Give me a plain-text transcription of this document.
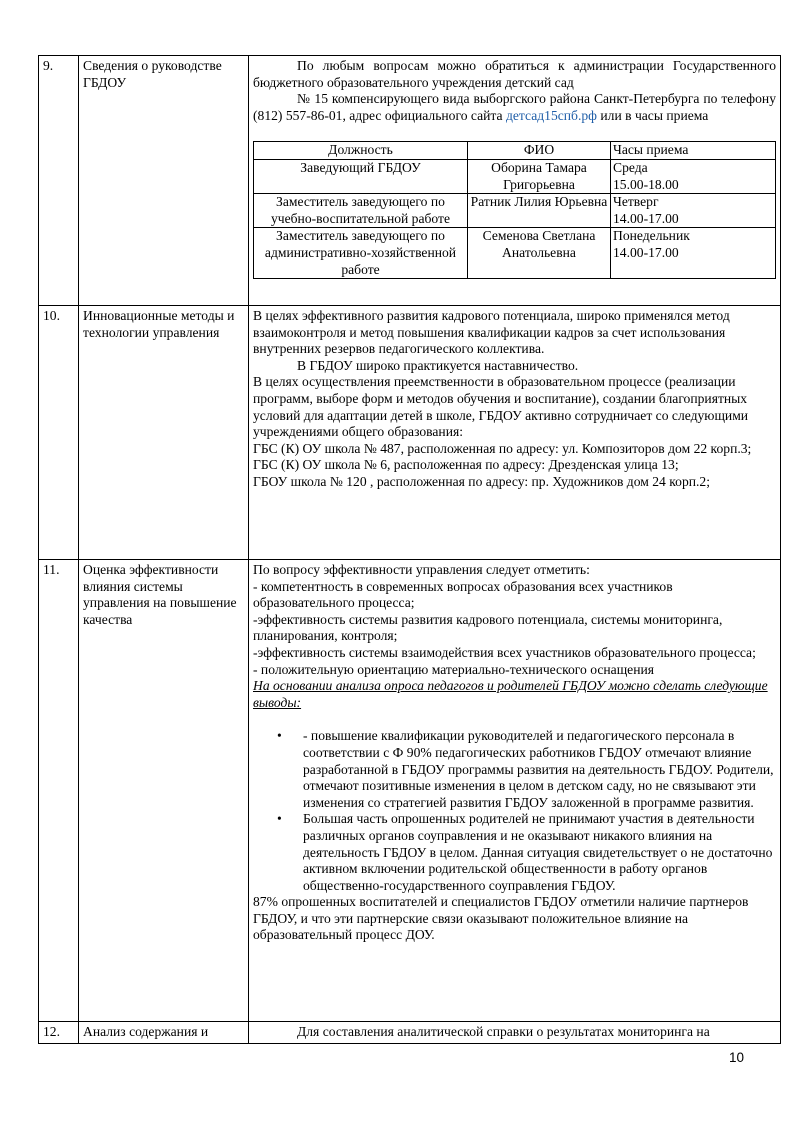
9.	Сведения о руководстве ГБДОУ	

По любым вопросам можно обратиться к администрации Государственного бюджетного образовательного учреждения детский сад

№ 15 компенсирующего вида выборгского района Санкт-Петербурга по телефону (812) 557-86-01, адрес официального сайта детсад15спб.рф или в часы приема

Должность	ФИО	Часы приема
Заведующий ГБДОУ	Оборина Тамара Григорьевна	Среда
15.00-18.00
Заместитель заведующего по учебно-воспитательной работе	Ратник Лилия Юрьевна	Четверг
14.00-17.00
Заместитель заведующего по административно-хозяйственной работе	Семенова Светлана Анатольевна	Понедельник
14.00-17.00

10.	Инновационные методы и технологии управления	

В целях эффективного развития кадрового потенциала, широко применялся метод взаимоконтроля и метод повышения квалификации кадров за счет использования внутренних резервов педагогического коллектива.

В ГБДОУ широко практикуется наставничество.

В целях осуществления преемственности в образовательном процессе (реализации программ, выборе форм и методов обучения и воспитание), создании благоприятных условий для адаптации детей в школе, ГБДОУ активно сотрудничает со следующими учреждениями общего образования:

ГБС (К) ОУ школа № 487, расположенная по адресу: ул. Композиторов дом 22 корп.3;

ГБС (К) ОУ школа № 6, расположенная по адресу: Дрезденская улица 13;

ГБОУ школа № 120 , расположенная по адресу: пр. Художников дом 24 корп.2;

11.	Оценка эффективности влияния системы управления на повышение качества	

По вопросу эффективности управления следует отметить:

- компетентность в современных вопросах образования всех участников образовательного процесса;

-эффективность системы развития кадрового потенциала, системы мониторинга, планирования, контроля;

-эффективность системы взаимодействия всех участников образовательного процесса;

- положительную ориентацию материально-технического оснащения

На основании анализа опроса педагогов и родителей ГБДОУ можно сделать следующие выводы:

• - повышение квалификации руководителей и педагогического персонала в соответствии с Ф 90% педагогических работников ГБДОУ отмечают влияние разработанной в ГБДОУ программы развития на деятельность ГБДОУ. Родители, отмечают позитивные изменения в целом в детском саду, но не связывают эти изменения со стратегией развития ГБДОУ заложенной в программе развития.
• Большая часть опрошенных родителей не принимают участия в деятельности различных органов соуправления и не оказывают никакого влияния на деятельность ГБДОУ в целом. Данная ситуация свидетельствует о не достаточно активном включении родительской общественности в работу органов общественно-государственного соуправления ГБДОУ.

87% опрошенных воспитателей и специалистов ГБДОУ отметили наличие партнеров ГБДОУ, и что эти партнерские связи оказывают положительное влияние на образовательный процесс ДОУ.

12.	Анализ содержания и	Для составления аналитической справки о результатах мониторинга на

10
